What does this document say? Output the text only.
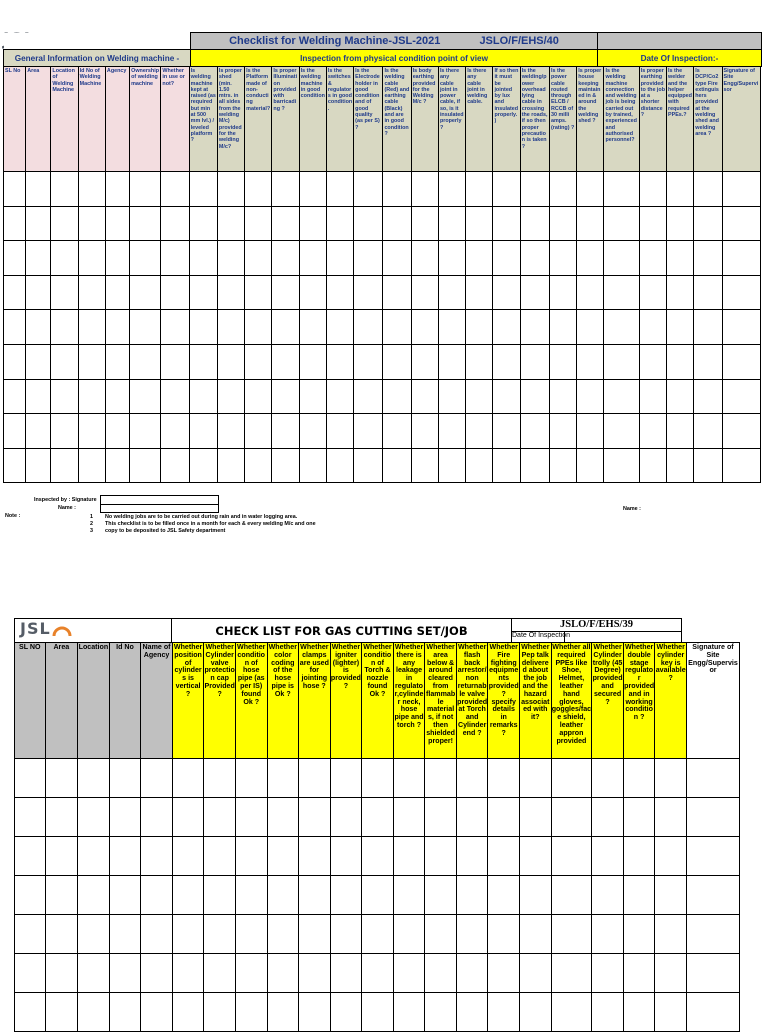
	Checklist for Welding Machine-JSL-2021 JSLO/F/EHS/40	
General Information on Welding machine -	Inspection from physical condition point of view	Date Of Inspection:-
SL No	Area	Location of Welding Machine	Id No of Welding Machine	Agency	Ownership of welding machine	Whether in use or not?	Is welding machine kept at raised (as required but min at 500 mm lvl.) / leveled platform ?	Is proper shed (min. 1.50 mtrs. in all sides from the welding M/c) provided for the welding M/c?	Is the Platform made of non-conducting material?	Is proper Illumination provided with barricading ?	Is the welding machine in good condition	Is the switches & regulators in good condition.	Is the Electrode holder in good condition and of good quality (as per S) ?	Is the welding cable (Red) and earthing cable (Black) and are in good condition ?	Is body earthing provided for the Welding M/c ?	Is there any cable joint in power cable, if so, is it insulated properly?	Is there any cable joint in welding cable.	If so then it must be jointed by lux and insulated properly.)	Is the welding/power overhead lying cable in crossing the roads, if so then proper precaution is taken ?	Is the power cable routed through ELCB / RCCB of 30 milli amps. (rating) ?	Is proper house keeping maintained in & around the welding shed ?	Is the welding machine connection and welding job is being carried out by trained, experienced and authorised personnel?	Is proper earthing provided to the job at a shorter distance?	Is the welder and the helper equipped with required PPEs.?	Is DCP/Co2 type Fire extinguishers provided at the welding shed and welding area ?	Signature of Site Engg/Supervisor

Inspected by : Signature
Name :
Note :
Name :
1 No welding jobs are to be carried out during rain and in water logging area.
2 This checklist is to be filled once in a month for each & every welding M/c and one
3 copy to be deposited to JSL Safety department
JSL	CHECK LIST FOR GAS CUTTING SET/JOB	JSLO/F/EHS/39
Date Of Inspection
SL NO	Area	Location	Id No	Name of Agency	Whether position of cylinders is vertical ?	Whether Cylinder valve protection cap Provided ?	Whether condition of hose pipe (as per IS) found Ok ?	Whether color coding of the hose pipe is Ok ?	Whether clamps are used for jointing hose ?	Whether igniter (lighter) is provided ?	Whether condition of Torch & nozzle found Ok ?	Whether there is any leakage in regulator,cylinder neck, hose pipe and torch ?	Whether area below & around cleared from flammable materials, if not then shielded proper!	Whether flash back arrestor/non returnable valve provided at Torch and Cylinder end ?	Whether Fire fighting equipments provided? specify details in remarks?	Whether Pep talk delivered about the job and the hazard associated with it?	Whether all required PPEs like Shoe, Helmet, leather hand gloves, goggles/face shield, leather appron provided	Whether Cylinder trolly (45 Degree) provided and secured?	Whether double stage regulator provided and in working condition ?	Whether cylinder key is available ?	Signature of Site Engg/Supervisor
